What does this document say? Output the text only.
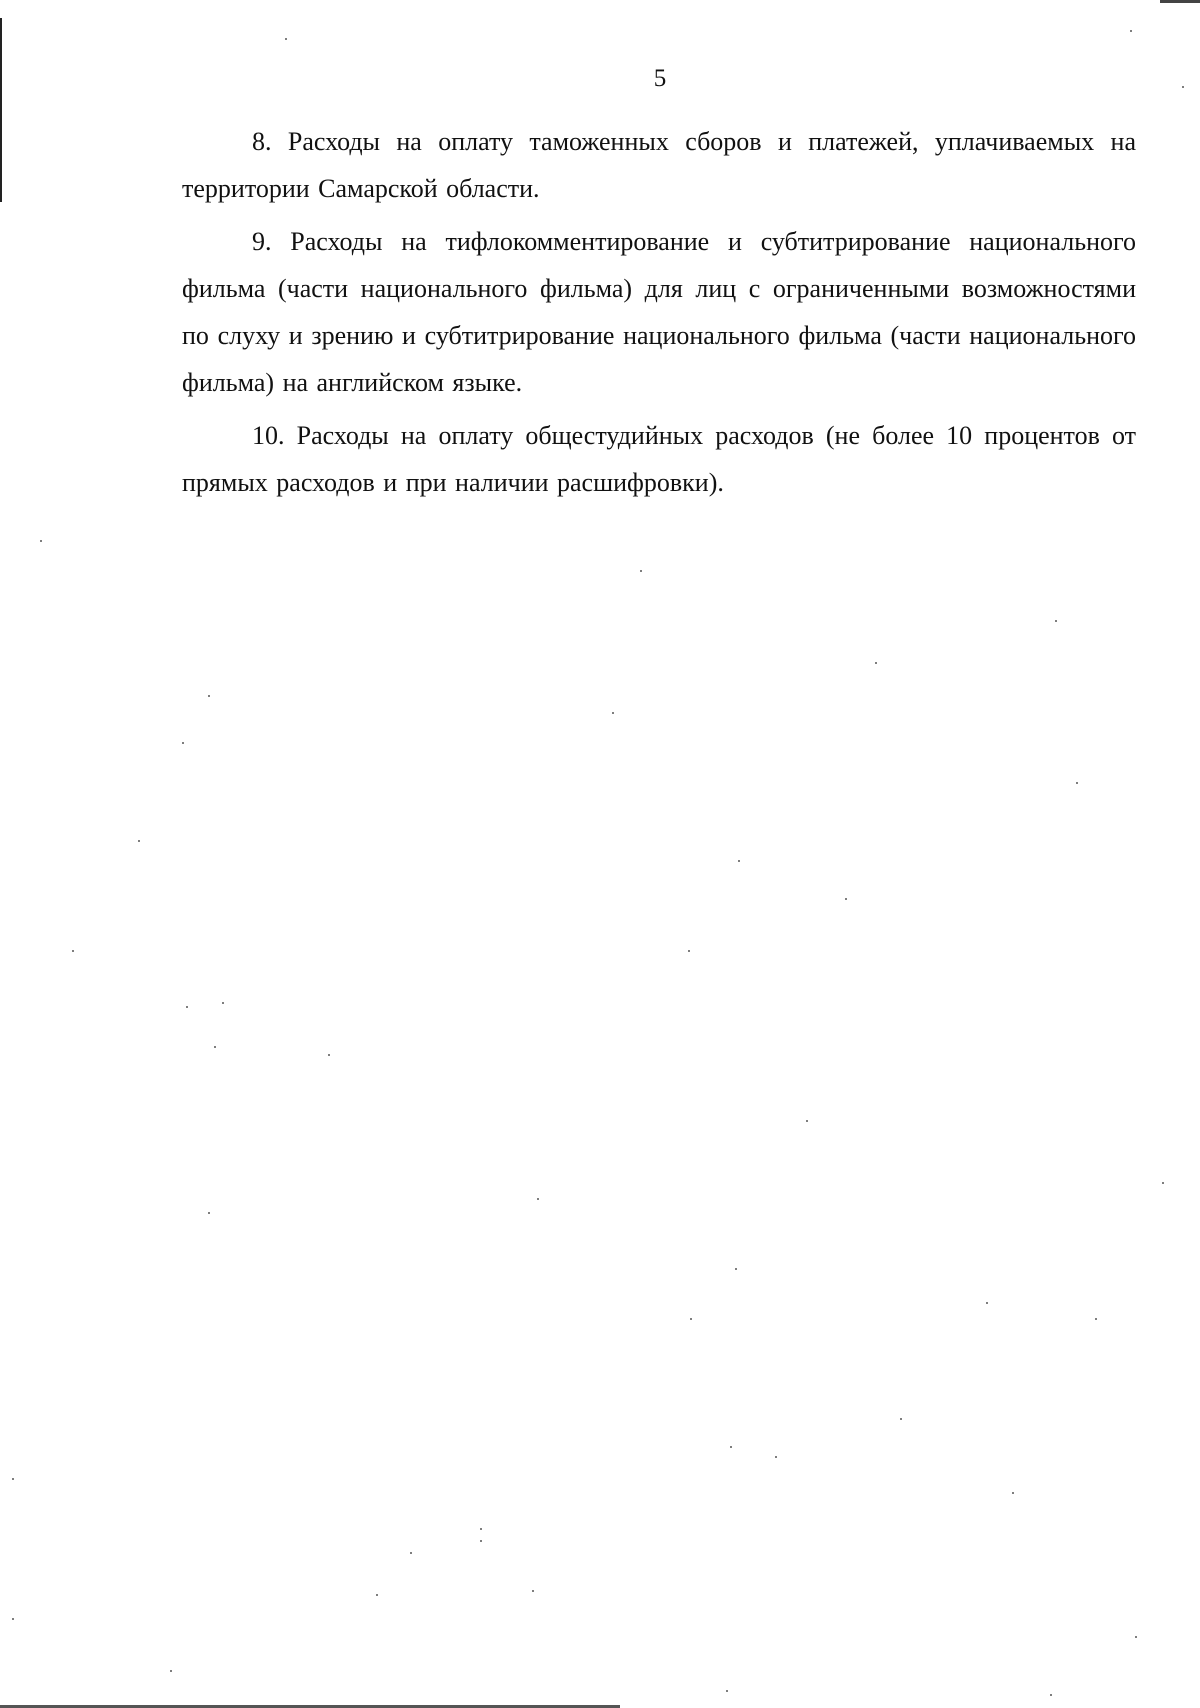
5

8. Расходы на оплату таможенных сборов и платежей, уплачиваемых на территории Самарской области.

9. Расходы на тифлокомментирование и субтитрирование национального фильма (части национального фильма) для лиц с ограниченными возможностями по слуху и зрению и субтитрирование национального фильма (части национального фильма) на английском языке.

10. Расходы на оплату общестудийных расходов (не более 10 процентов от прямых расходов и при наличии расшифровки).
